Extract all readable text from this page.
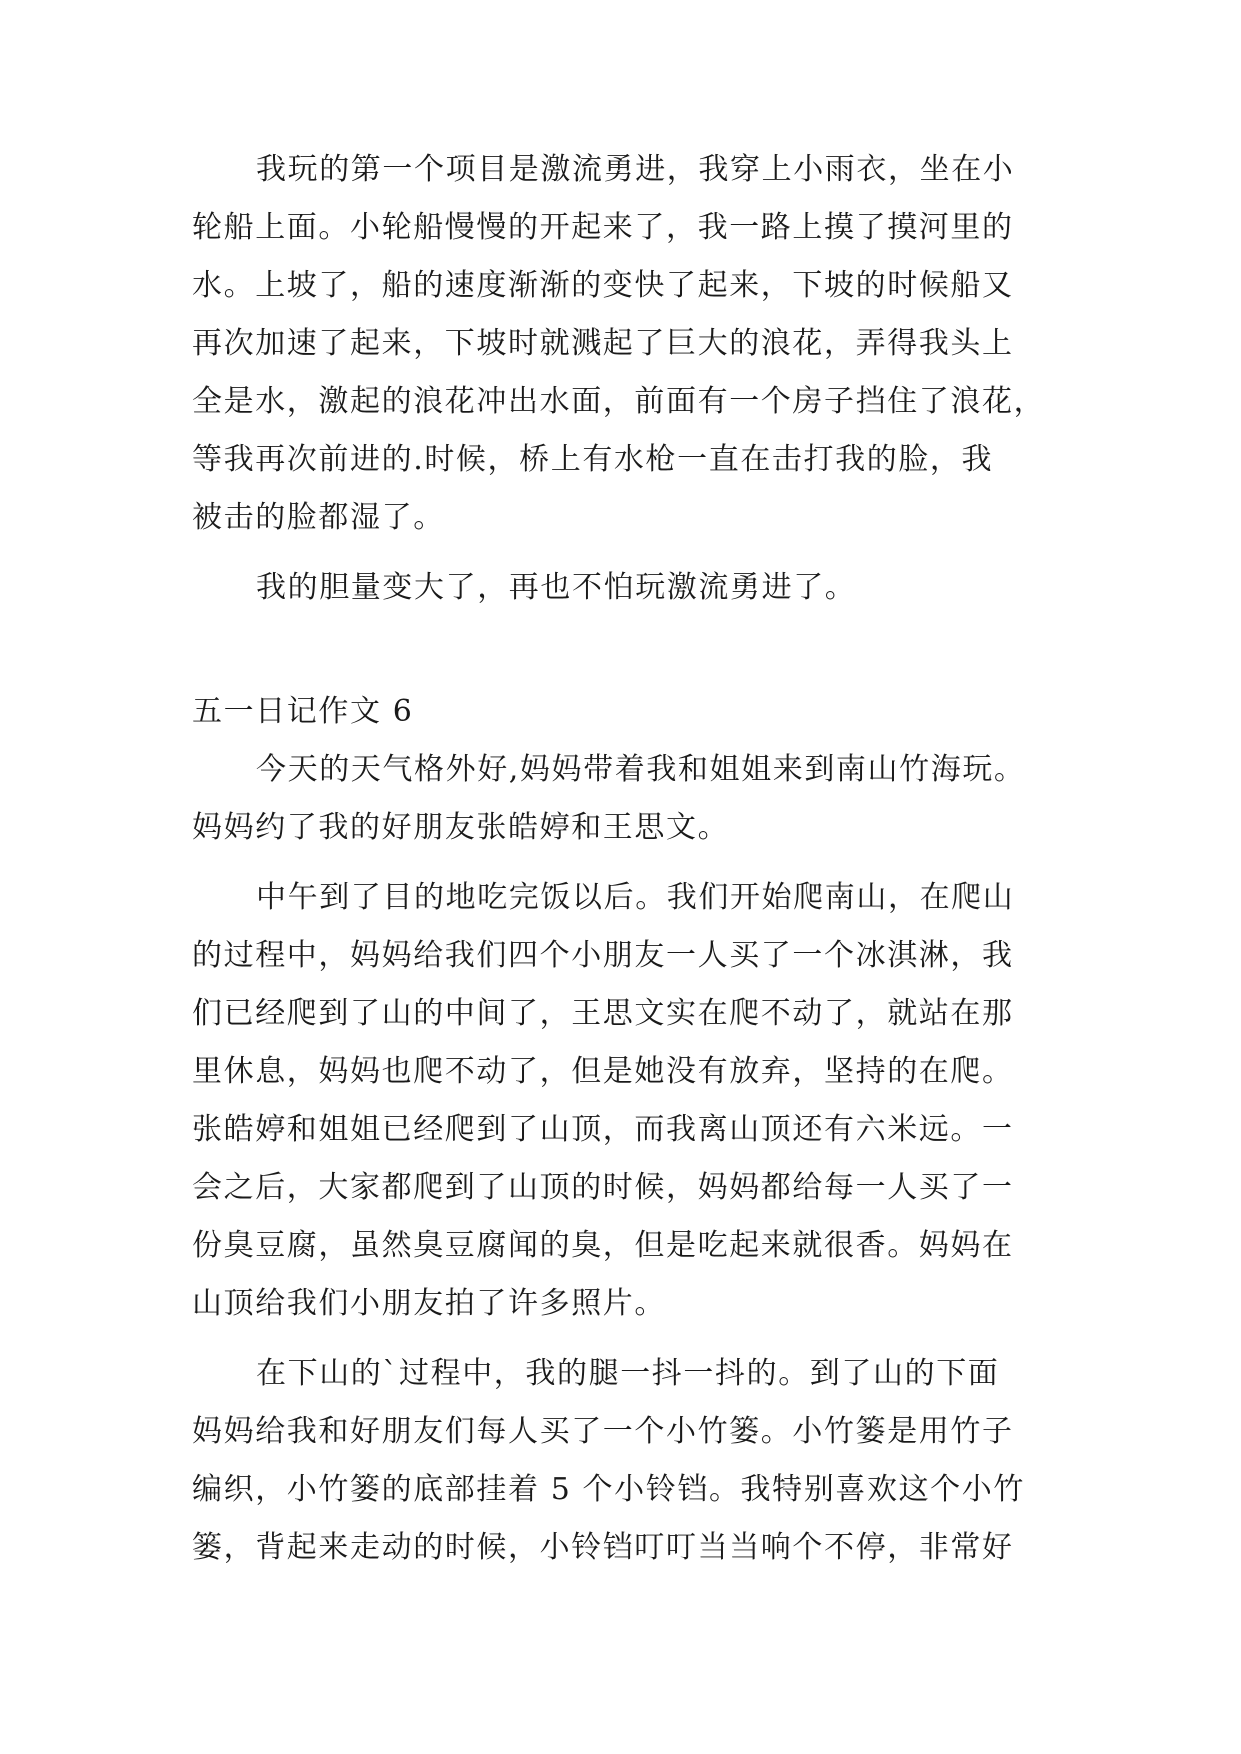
我玩的第一个项目是激流勇进，我穿上小雨衣，坐在小
轮船上面。小轮船慢慢的开起来了，我一路上摸了摸河里的
水。上坡了，船的速度渐渐的变快了起来，下坡的时候船又
再次加速了起来，下坡时就溅起了巨大的浪花，弄得我头上
全是水，激起的浪花冲出水面，前面有一个房子挡住了浪花，
等我再次前进的.时候，桥上有水枪一直在击打我的脸，我
被击的脸都湿了。
我的胆量变大了，再也不怕玩激流勇进了。
五一日记作文 6
今天的天气格外好,妈妈带着我和姐姐来到南山竹海玩。
妈妈约了我的好朋友张皓婷和王思文。
中午到了目的地吃完饭以后。我们开始爬南山，在爬山
的过程中，妈妈给我们四个小朋友一人买了一个冰淇淋，我
们已经爬到了山的中间了，王思文实在爬不动了，就站在那
里休息，妈妈也爬不动了，但是她没有放弃，坚持的在爬。
张皓婷和姐姐已经爬到了山顶，而我离山顶还有六米远。一
会之后，大家都爬到了山顶的时候，妈妈都给每一人买了一
份臭豆腐，虽然臭豆腐闻的臭，但是吃起来就很香。妈妈在
山顶给我们小朋友拍了许多照片。
在下山的`过程中，我的腿一抖一抖的。到了山的下面
妈妈给我和好朋友们每人买了一个小竹篓。小竹篓是用竹子
编织，小竹篓的底部挂着 5 个小铃铛。我特别喜欢这个小竹
篓，背起来走动的时候，小铃铛叮叮当当响个不停，非常好
